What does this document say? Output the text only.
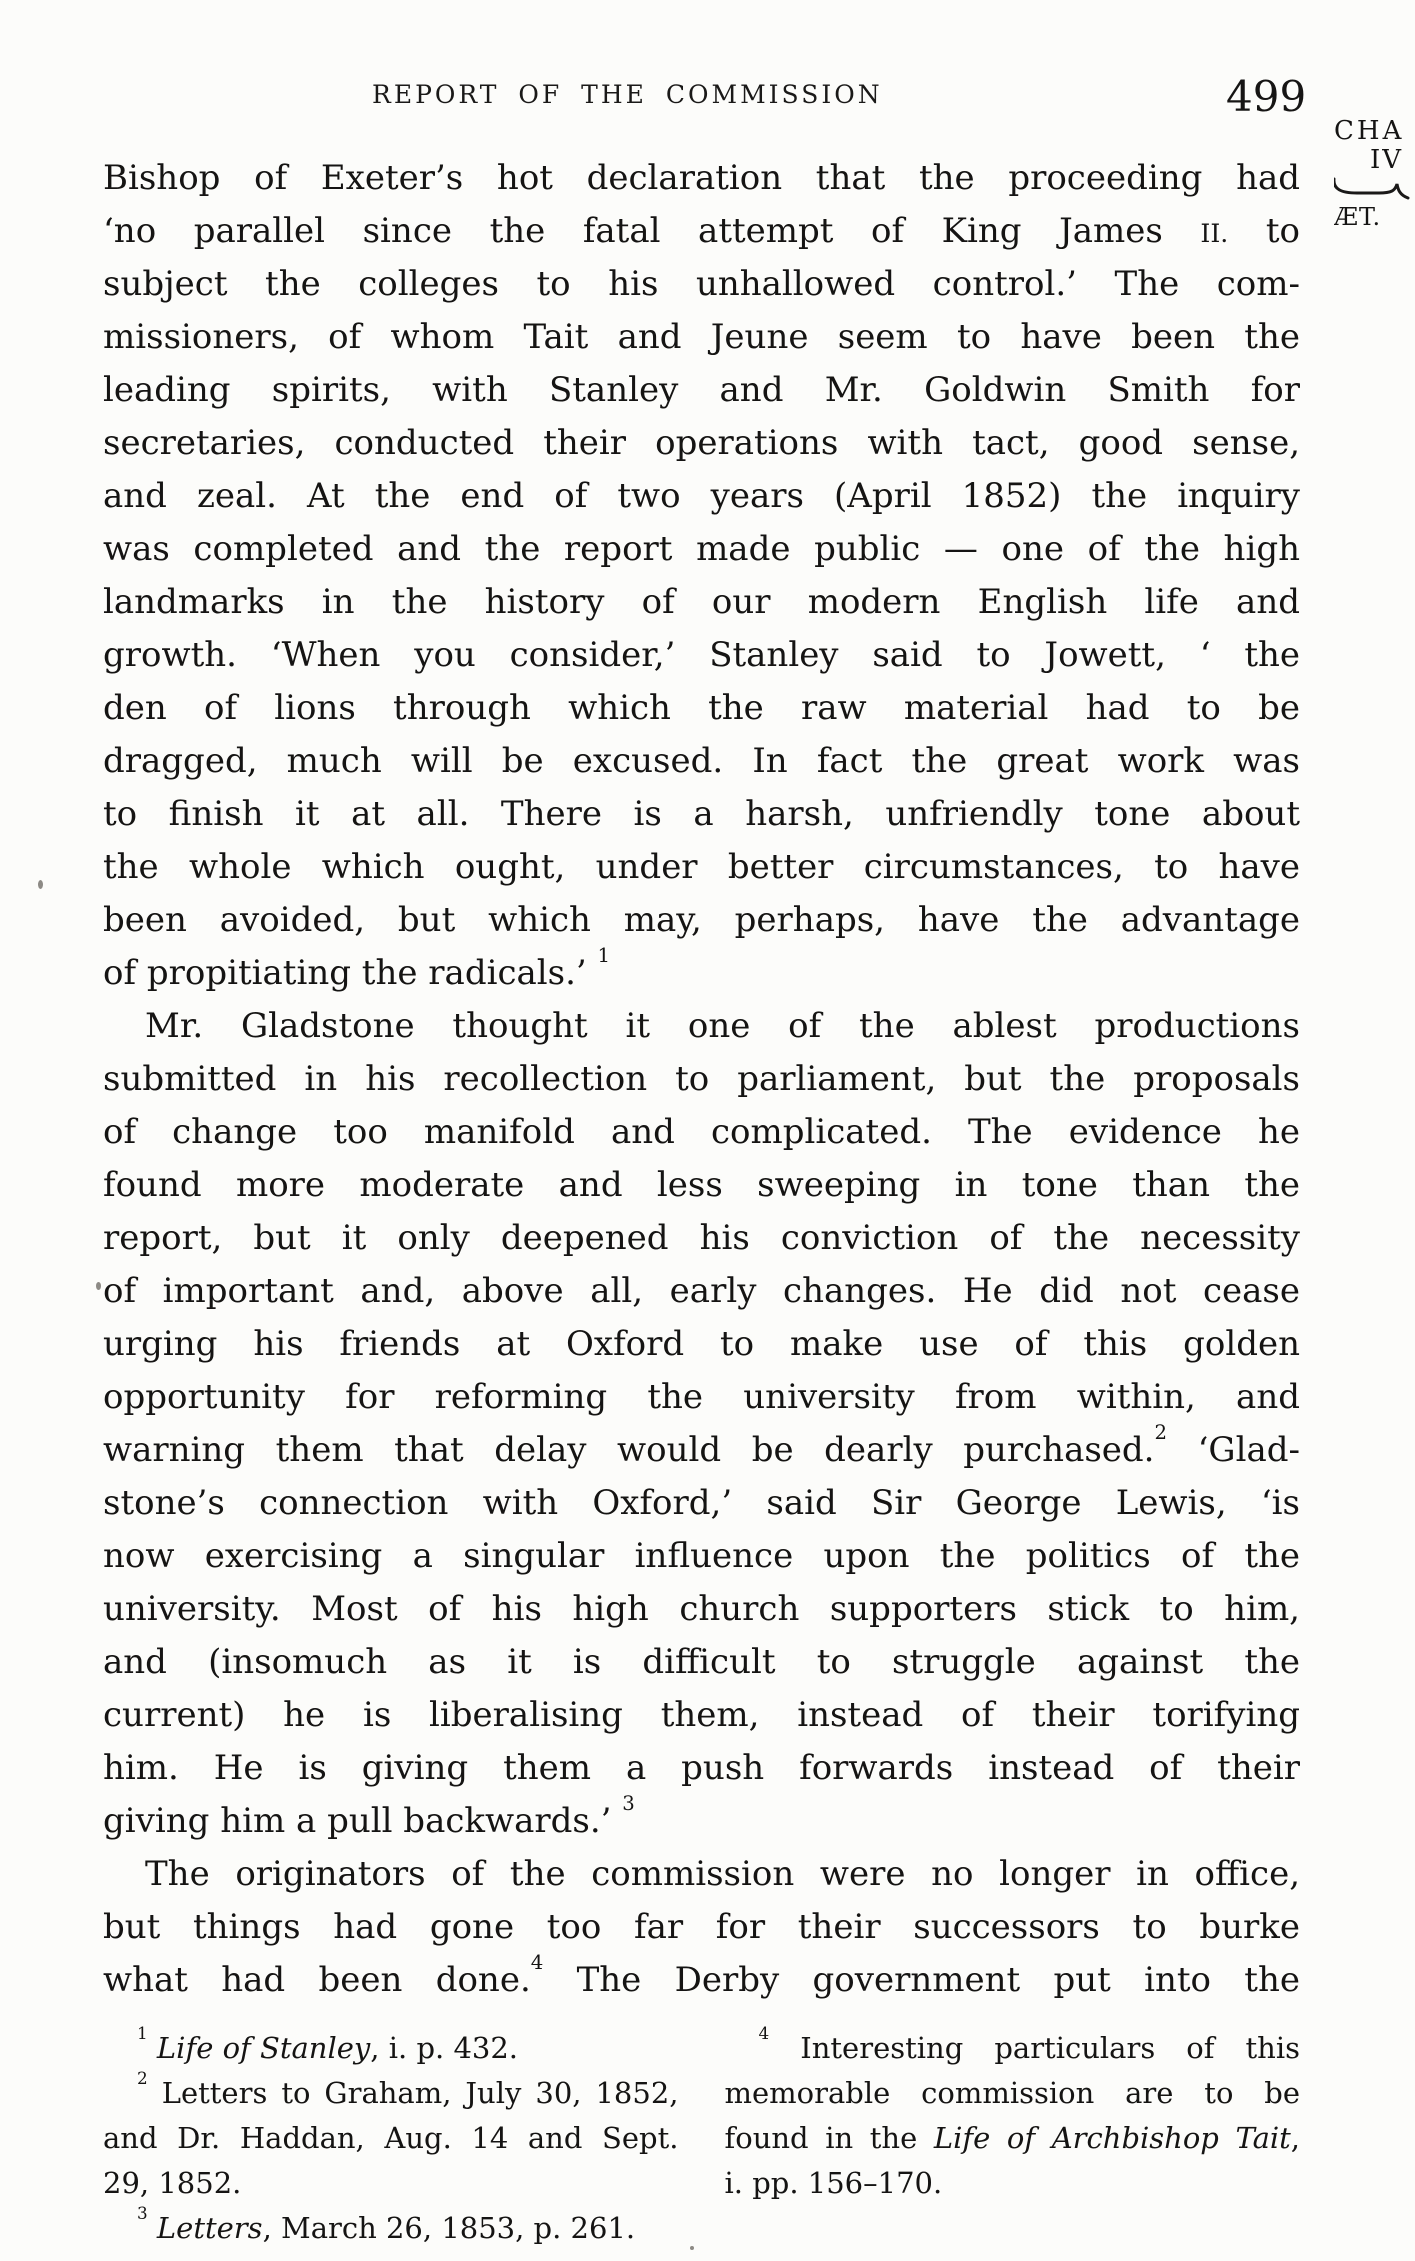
REPORT OF THE COMMISSION	499
CHA
IV
ÆT.
Bishop of Exeter’s hot declaration that the proceeding had
‘no parallel since the fatal attempt of King James II. to
subject the colleges to his unhallowed control.’ The com-
missioners, of whom Tait and Jeune seem to have been the
leading spirits, with Stanley and Mr. Goldwin Smith for
secretaries, conducted their operations with tact, good sense,
and zeal. At the end of two years (April 1852) the inquiry
was completed and the report made public — one of the high
landmarks in the history of our modern English life and
growth. ‘When you consider,’ Stanley said to Jowett, ‘ the
den of lions through which the raw material had to be
dragged, much will be excused. In fact the great work was
to finish it at all. There is a harsh, unfriendly tone about
the whole which ought, under better circumstances, to have
been avoided, but which may, perhaps, have the advantage
of propitiating the radicals.’ $^1$
Mr. Gladstone thought it one of the ablest productions
submitted in his recollection to parliament, but the proposals
of change too manifold and complicated. The evidence he
found more moderate and less sweeping in tone than the
report, but it only deepened his conviction of the necessity
of important and, above all, early changes. He did not cease
urging his friends at Oxford to make use of this golden
opportunity for reforming the university from within, and
warning them that delay would be dearly purchased.$^2$ ‘Glad-
stone’s connection with Oxford,’ said Sir George Lewis, ‘is
now exercising a singular influence upon the politics of the
university. Most of his high church supporters stick to him,
and (insomuch as it is difficult to struggle against the
current) he is liberalising them, instead of their torifying
him. He is giving them a push forwards instead of their
giving him a pull backwards.’ $^3$
The originators of the commission were no longer in office,
but things had gone too far for their successors to burke
what had been done.$^4$ The Derby government put into the
$^1$ Life of Stanley, i. p. 432.
$^2$ Letters to Graham, July 30, 1852,
and Dr. Haddan, Aug. 14 and Sept.
29, 1852.
$^3$ Letters, March 26, 1853, p. 261.
$^4$ Interesting particulars of this
memorable commission are to be
found in the Life of Archbishop Tait,
i. pp. 156–170.
